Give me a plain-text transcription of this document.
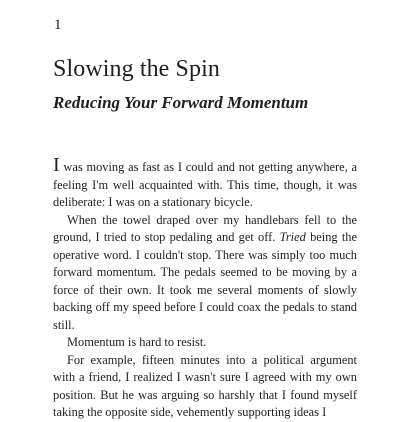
1
Slowing the Spin
Reducing Your Forward Momentum

I was moving as fast as I could and not getting anywhere, a feeling I'm well acquainted with. This time, though, it was deliberate: I was on a stationary bicycle.

When the towel draped over my handlebars fell to the ground, I tried to stop pedaling and get off. Tried being the operative word. I couldn't stop. There was simply too much forward momentum. The pedals seemed to be moving by a force of their own. It took me several moments of slowly backing off my speed before I could coax the pedals to stand still.

Momentum is hard to resist.

For example, fifteen minutes into a political argument with a friend, I realized I wasn't sure I agreed with my own position. But he was arguing so harshly that I found myself taking the opposite side, vehemently supporting ideas I
